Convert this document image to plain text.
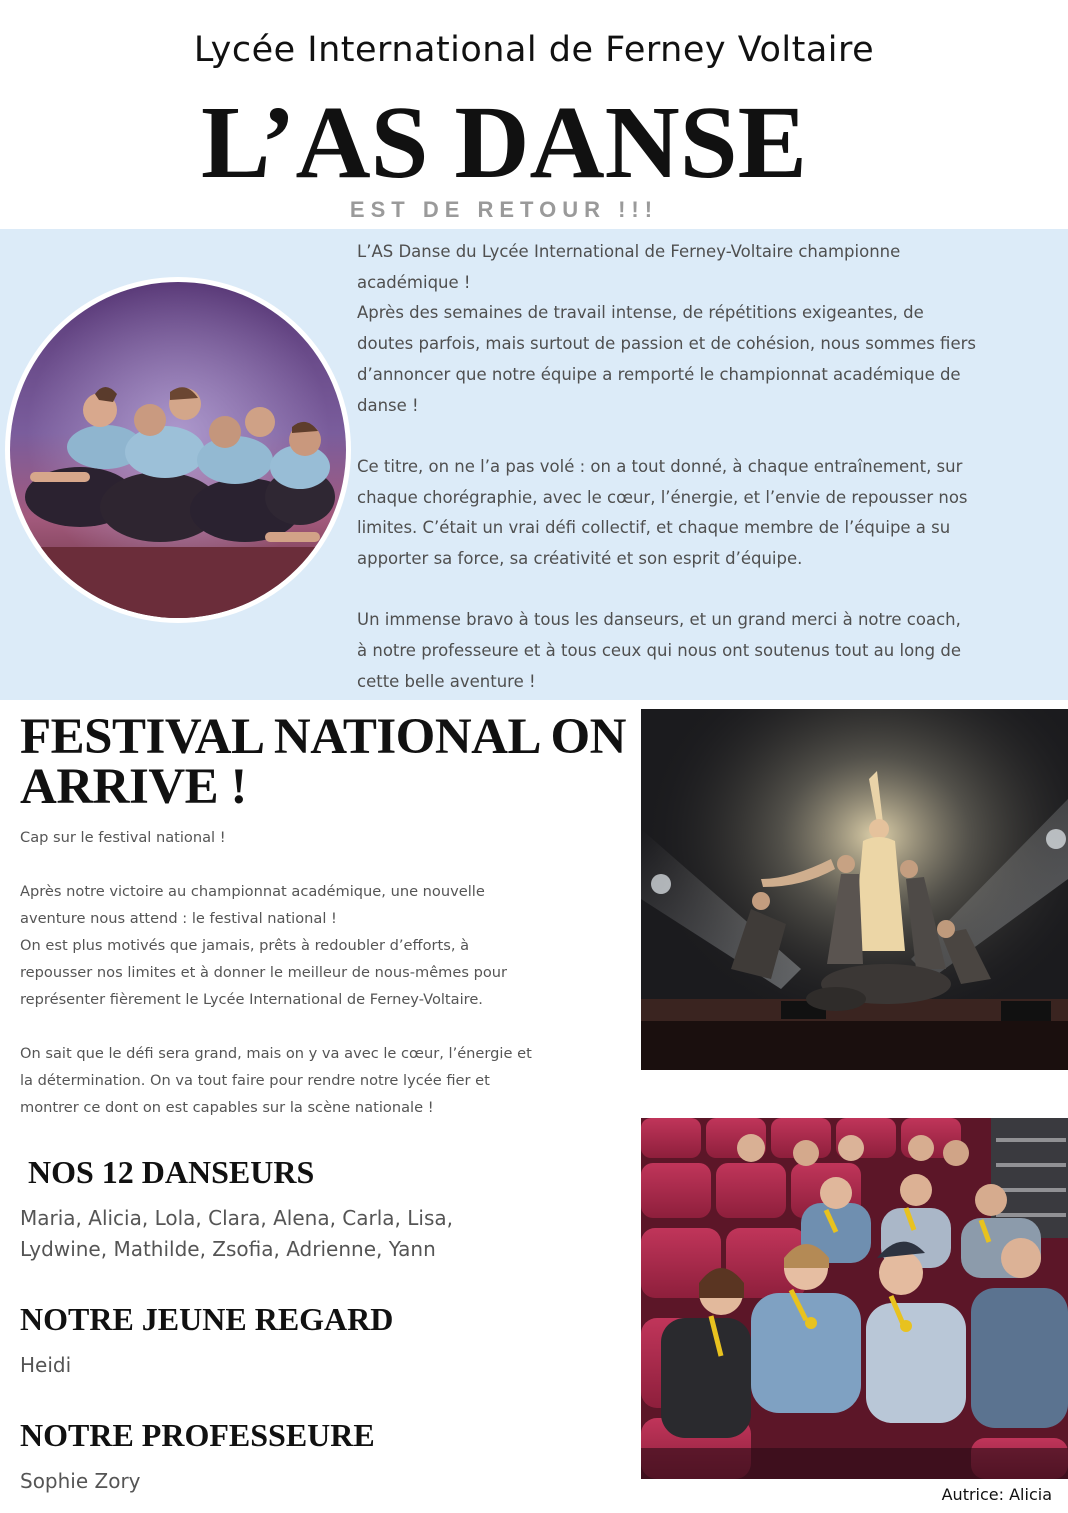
Lycée International de Ferney Voltaire
L’AS DANSE
EST DE RETOUR !!!

L’AS Danse du Lycée International de Ferney-Voltaire championne
académique !
Après des semaines de travail intense, de répétitions exigeantes, de
doutes parfois, mais surtout de passion et de cohésion, nous sommes fiers
d’annoncer que notre équipe a remporté le championnat académique de
danse !

Ce titre, on ne l’a pas volé : on a tout donné, à chaque entraînement, sur
chaque chorégraphie, avec le cœur, l’énergie, et l’envie de repousser nos
limites. C’était un vrai défi collectif, et chaque membre de l’équipe a su
apporter sa force, sa créativité et son esprit d’équipe.

Un immense bravo à tous les danseurs, et un grand merci à notre coach,
à notre professeure et à tous ceux qui nous ont soutenus tout au long de
cette belle aventure !

FESTIVAL NATIONAL ON ARRIVE !

Cap sur le festival national !

Après notre victoire au championnat académique, une nouvelle
aventure nous attend : le festival national !
On est plus motivés que jamais, prêts à redoubler d’efforts, à
repousser nos limites et à donner le meilleur de nous-mêmes pour
représenter fièrement le Lycée International de Ferney-Voltaire.

On sait que le défi sera grand, mais on y va avec le cœur, l’énergie et
la détermination. On va tout faire pour rendre notre lycée fier et
montrer ce dont on est capables sur la scène nationale !

NOS 12 DANSEURS
Maria, Alicia, Lola, Clara, Alena, Carla, Lisa,
Lydwine, Mathilde, Zsofia, Adrienne, Yann
NOTRE JEUNE REGARD
Heidi
NOTRE PROFESSEURE
Sophie Zory
Autrice: Alicia
